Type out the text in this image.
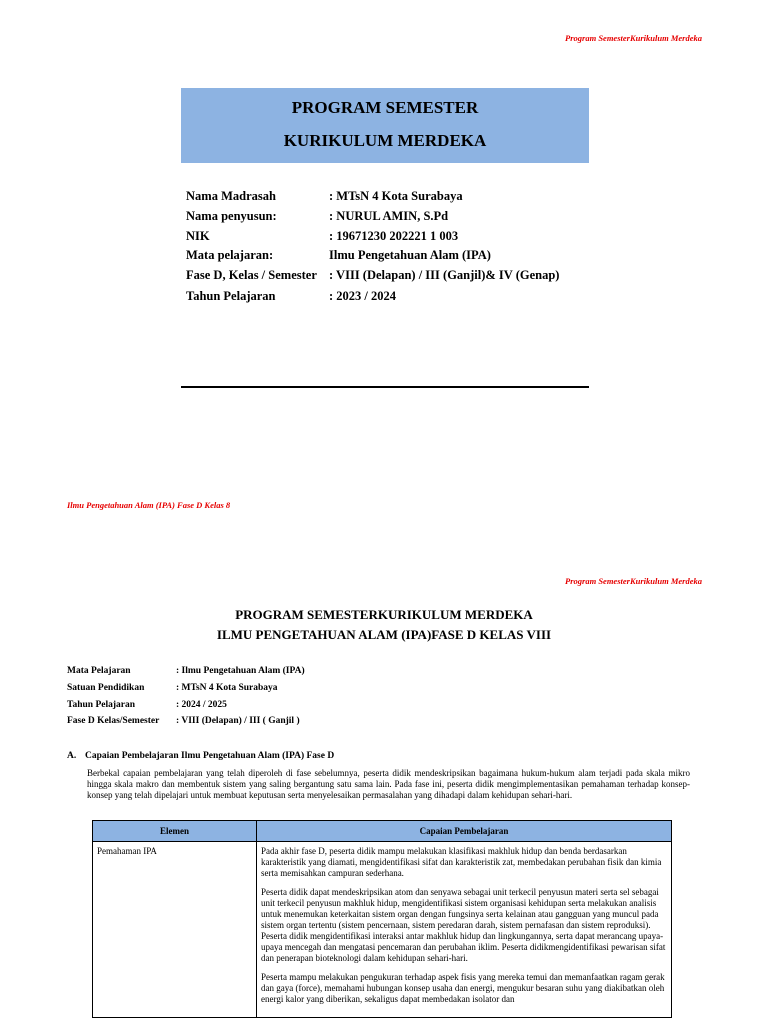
Program SemesterKurikulum Merdeka
PROGRAM SEMESTER
KURIKULUM MERDEKA
Nama Madrasah	: MTsN 4 Kota Surabaya
Nama penyusun:	: NURUL AMIN, S.Pd
NIK	: 19671230 202221 1 003
Mata pelajaran:	Ilmu Pengetahuan Alam (IPA)
Fase D, Kelas / Semester : VIII (Delapan) / III (Ganjil)& IV (Genap)
Tahun Pelajaran	: 2023 / 2024
Ilmu Pengetahuan Alam (IPA) Fase D Kelas 8
Program SemesterKurikulum Merdeka
PROGRAM SEMESTERKURIKULUM MERDEKA
ILMU PENGETAHUAN ALAM (IPA)FASE D KELAS VIII
Mata Pelajaran	: Ilmu Pengetahuan Alam (IPA)
Satuan Pendidikan	: MTsN 4 Kota Surabaya
Tahun Pelajaran	: 2024 / 2025
Fase D Kelas/Semester : VIII (Delapan) / III ( Ganjil )
A. Capaian Pembelajaran Ilmu Pengetahuan Alam (IPA) Fase D

Berbekal capaian pembelajaran yang telah diperoleh di fase sebelumnya, peserta didik mendeskripsikan bagaimana hukum-hukum alam terjadi pada skala mikro hingga skala makro dan membentuk sistem yang saling bergantung satu sama lain. Pada fase ini, peserta didik mengimplementasikan pemahaman terhadap konsep-konsep yang telah dipelajari untuk membuat keputusan serta menyelesaikan permasalahan yang dihadapi dalam kehidupan sehari-hari.

Elemen	Capaian Pembelajaran
Pemahaman IPA	Pada akhir fase D, peserta didik mampu melakukan klasifikasi makhluk hidup dan benda berdasarkan karakteristik yang diamati, mengidentifikasi sifat dan karakteristik zat, membedakan perubahan fisik dan kimia serta memisahkan campuran sederhana.

Peserta didik dapat mendeskripsikan atom dan senyawa sebagai unit terkecil penyusun materi serta sel sebagai unit terkecil penyusun makhluk hidup, mengidentifikasi sistem organisasi kehidupan serta melakukan analisis untuk menemukan keterkaitan sistem organ dengan fungsinya serta kelainan atau gangguan yang muncul pada sistem organ tertentu (sistem pencernaan, sistem peredaran darah, sistem pernafasan dan sistem reproduksi). Peserta didik mengidentifikasi interaksi antar makhluk hidup dan lingkungannya, serta dapat merancang upaya-upaya mencegah dan mengatasi pencemaran dan perubahan iklim. Peserta didikmengidentifikasi pewarisan sifat dan penerapan bioteknologi dalam kehidupan sehari-hari.

Peserta mampu melakukan pengukuran terhadap aspek fisis yang mereka temui dan memanfaatkan ragam gerak dan gaya (force), memahami hubungan konsep usaha dan energi, mengukur besaran suhu yang diakibatkan oleh energi kalor yang diberikan, sekaligus dapat membedakan isolator dan
